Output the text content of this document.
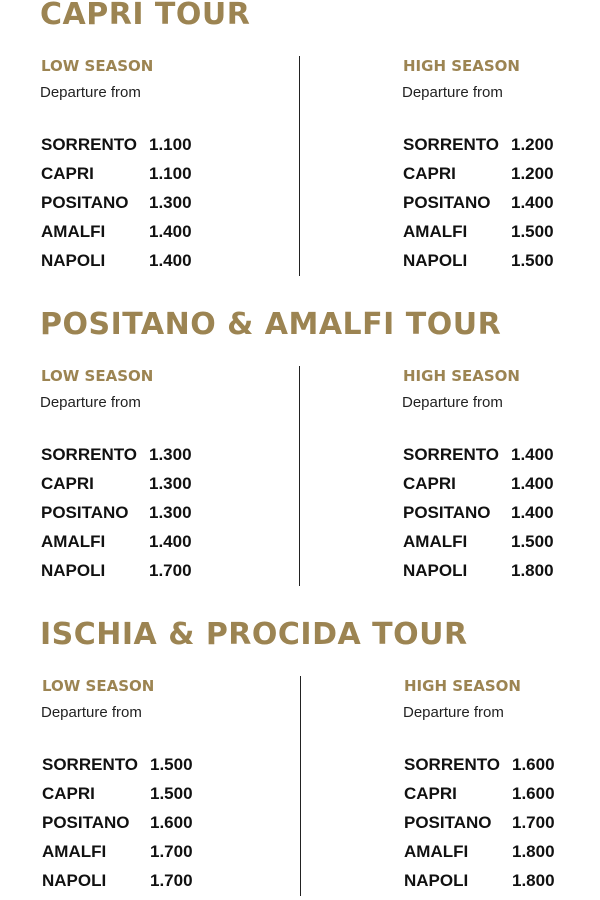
CAPRI TOUR
LOW SEASON
Departure from
SORRENTO 1.100
CAPRI	1.100
POSITANO 1.300
AMALFI	1.400
NAPOLI	1.400
HIGH SEASON
Departure from
SORRENTO 1.200
CAPRI	1.200
POSITANO 1.400
AMALFI	1.500
NAPOLI	1.500
POSITANO & AMALFI TOUR
LOW SEASON
Departure from
SORRENTO 1.300
CAPRI	1.300
POSITANO 1.300
AMALFI	1.400
NAPOLI	1.700
HIGH SEASON
Departure from
SORRENTO 1.400
CAPRI	1.400
POSITANO 1.400
AMALFI	1.500
NAPOLI	1.800
ISCHIA & PROCIDA TOUR
LOW SEASON
Departure from
SORRENTO 1.500
CAPRI	1.500
POSITANO 1.600
AMALFI	1.700
NAPOLI	1.700
HIGH SEASON
Departure from
SORRENTO 1.600
CAPRI	1.600
POSITANO 1.700
AMALFI	1.800
NAPOLI	1.800
